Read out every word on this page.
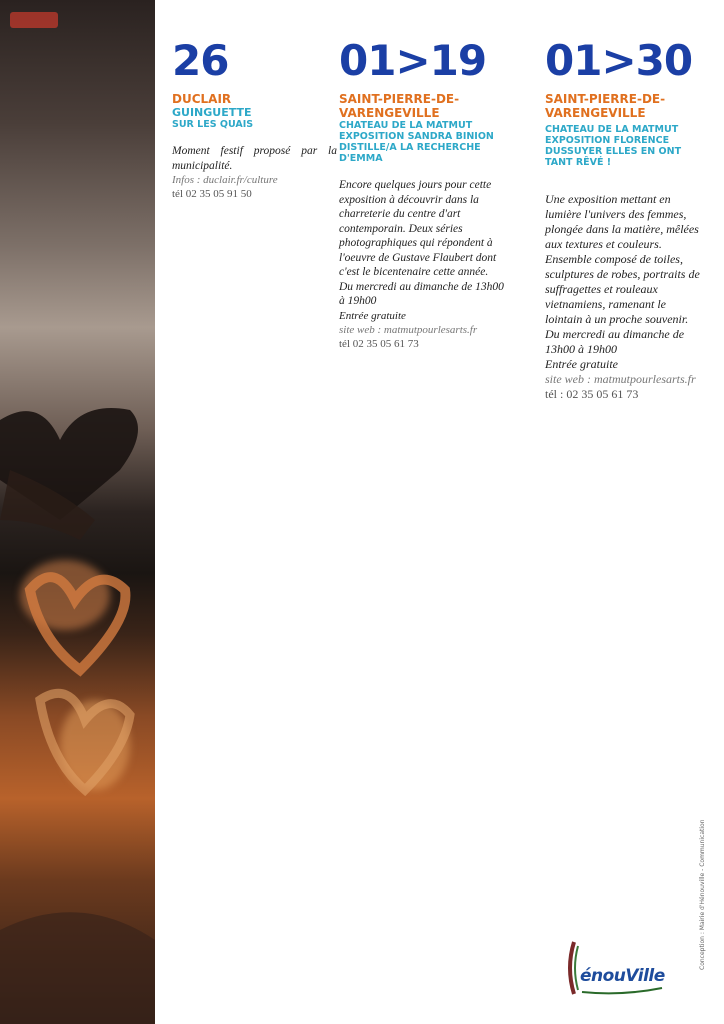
26
DUCLAIR
GUINGUETTE
SUR LES QUAIS
Moment festif proposé par la municipalité.
Infos : duclair.fr/culture
tél 02 35 05 91 50
01>19
SAINT-PIERRE-DE-VARENGEVILLE
CHATEAU DE LA MATMUT
EXPOSITION SANDRA BINION DISTILLE/A LA RECHERCHE D'EMMA
Encore quelques jours pour cette exposition à découvrir dans la charreterie du centre d'art contemporain. Deux séries photographiques qui répondent à l'oeuvre de Gustave Flaubert dont c'est le bicentenaire cette année.
Du mercredi au dimanche de 13h00 à 19h00
Entrée gratuite
site web : matmutpourlesarts.fr
tél 02 35 05 61 73
01>30
SAINT-PIERRE-DE-VARENGEVILLE
CHATEAU DE LA MATMUT
EXPOSITION FLORENCE DUSSUYER ELLES EN ONT TANT RÊVÉ !
Une exposition mettant en lumière l'univers des femmes, plongée dans la matière, mêlées aux textures et couleurs. Ensemble composé de toiles, sculptures de robes, portraits de suffragettes et rouleaux vietnamiens, ramenant le lointain à un proche souvenir.
Du mercredi au dimanche de 13h00 à 19h00
Entrée gratuite
site web : matmutpourlesarts.fr
tél : 02 35 05 61 73
Conception : Mairie d'Hénouville - Communication
énouVille
